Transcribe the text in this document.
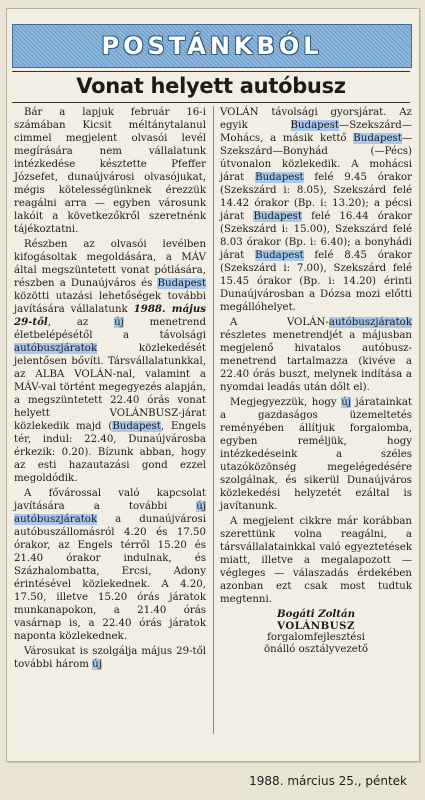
POSTÁNKBÓL
Vonat helyett autóbusz

Bár a lapjuk február 16-i számában Kicsit méltánytalanul cimmel megjelent olvasói levél megírására nem vállalatunk intézkedése késztette Pfeffer Józsefet, dunaújvárosi olvasójukat, mégis kötelességünknek érezzük reagálni arra — egyben városunk lakóit a következőkről szeretnénk tájékoztatni.

Részben az olvasói levélben kifogásoltak megoldására, a MÁV által megszüntetett vonat pótlására, részben a Dunaújváros és Budapest közötti utazási lehetőségek további javítására vállalatunk 1988. május 29-től, az új menetrend életbelépésétől a távolsági autóbuszjáratok közlekedését jelentősen bővíti. Társvállalatunkkal, az ALBA VOLÁN-nal, valamint a MÁV-val történt megegyezés alapján, a megszüntetett 22.40 órás vonat helyett VOLÁNBUSZ-járat közlekedik majd (Budapest, Engels tér, indul: 22.40, Dunaújvárosba érkezik: 0.20). Bízunk abban, hogy az esti hazautazási gond ezzel megoldódik.

A fővárossal való kapcsolat javítására a további új autóbuszjáratok a dunaújvárosi autóbuszállomásról 4.20 és 17.50 órakor, az Engels térről 15.20 és 21.40 órakor indulnak, és Százhalombatta, Ercsi, Adony érintésével közlekednek. A 4.20, 17.50, illetve 15.20 órás járatok munkanapokon, a 21.40 órás vasárnap is, a 22.40 órás járatok naponta közlekednek.

Városukat is szolgálja május 29-től további három új

VOLÁN távolsági gyorsjárat. Az egyik Budapest—Szekszárd—Mohács, a másik kettő Budapest—Szekszárd—Bonyhád (—Pécs) útvonalon közlekedik. A mohácsi járat Budapest felé 9.45 órakor (Szekszárd i: 8.05), Szekszárd felé 14.42 órakor (Bp. i: 13.20); a pécsi járat Budapest felé 16.44 órakor (Szekszárd i: 15.00), Szekszárd felé 8.03 órakor (Bp. i: 6.40); a bonyhádi járat Budapest felé 8.45 órakor (Szekszárd i: 7.00), Szekszárd felé 15.45 órakor (Bp. i: 14.20) érinti Dunaújvárosban a Dózsa mozi előtti megállóhelyet.

A VOLÁN-autóbuszjáratok részletes menetrendjét a májusban megjelenő hivatalos autóbusz-menetrend tartalmazza (kivéve a 22.40 órás buszt, melynek indítása a nyomdai leadás után dőlt el).

Megjegyezzük, hogy új járatainkat a gazdaságos üzemeltetés reményében állítjuk forgalomba, egyben reméljük, hogy intézkedéseink a széles utazóközönség megelégedésére szolgálnak, és sikerül Dunaújváros közlekedési helyzetét ezáltal is javítanunk.

A megjelent cikkre már korábban szerettünk volna reagálni, a társvállalatainkkal való egyeztetések miatt, illetve a megalapozott — végleges — válaszadás érdekében azonban ezt csak most tudtuk megtenni.

Bogáti Zoltán
VOLÁNBUSZ
forgalomfejlesztési
önálló osztályvezető
1988. március 25., péntek
